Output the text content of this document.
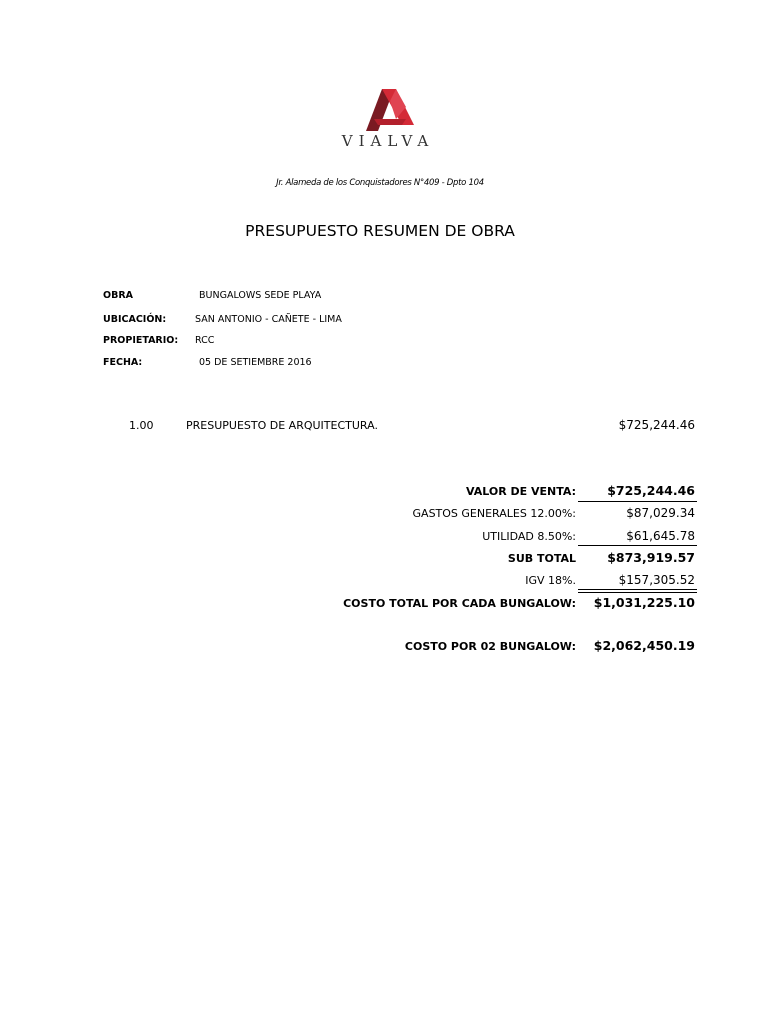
VIALVA
Jr. Alameda de los Conquistadores N°409 - Dpto 104
PRESUPUESTO RESUMEN DE OBRA
OBRA	BUNGALOWS SEDE PLAYA
UBICACIÓN:	SAN ANTONIO - CAÑETE - LIMA
PROPIETARIO: RCC
FECHA:	05 DE SETIEMBRE 2016
1.00	PRESUPUESTO DE ARQUITECTURA.	$725,244.46
VALOR DE VENTA:	$725,244.46
GASTOS GENERALES 12.00%:	$87,029.34
UTILIDAD 8.50%:	$61,645.78
SUB TOTAL	$873,919.57
IGV 18%.	$157,305.52
COSTO TOTAL POR CADA BUNGALOW:	$1,031,225.10
COSTO POR 02 BUNGALOW:	$2,062,450.19
